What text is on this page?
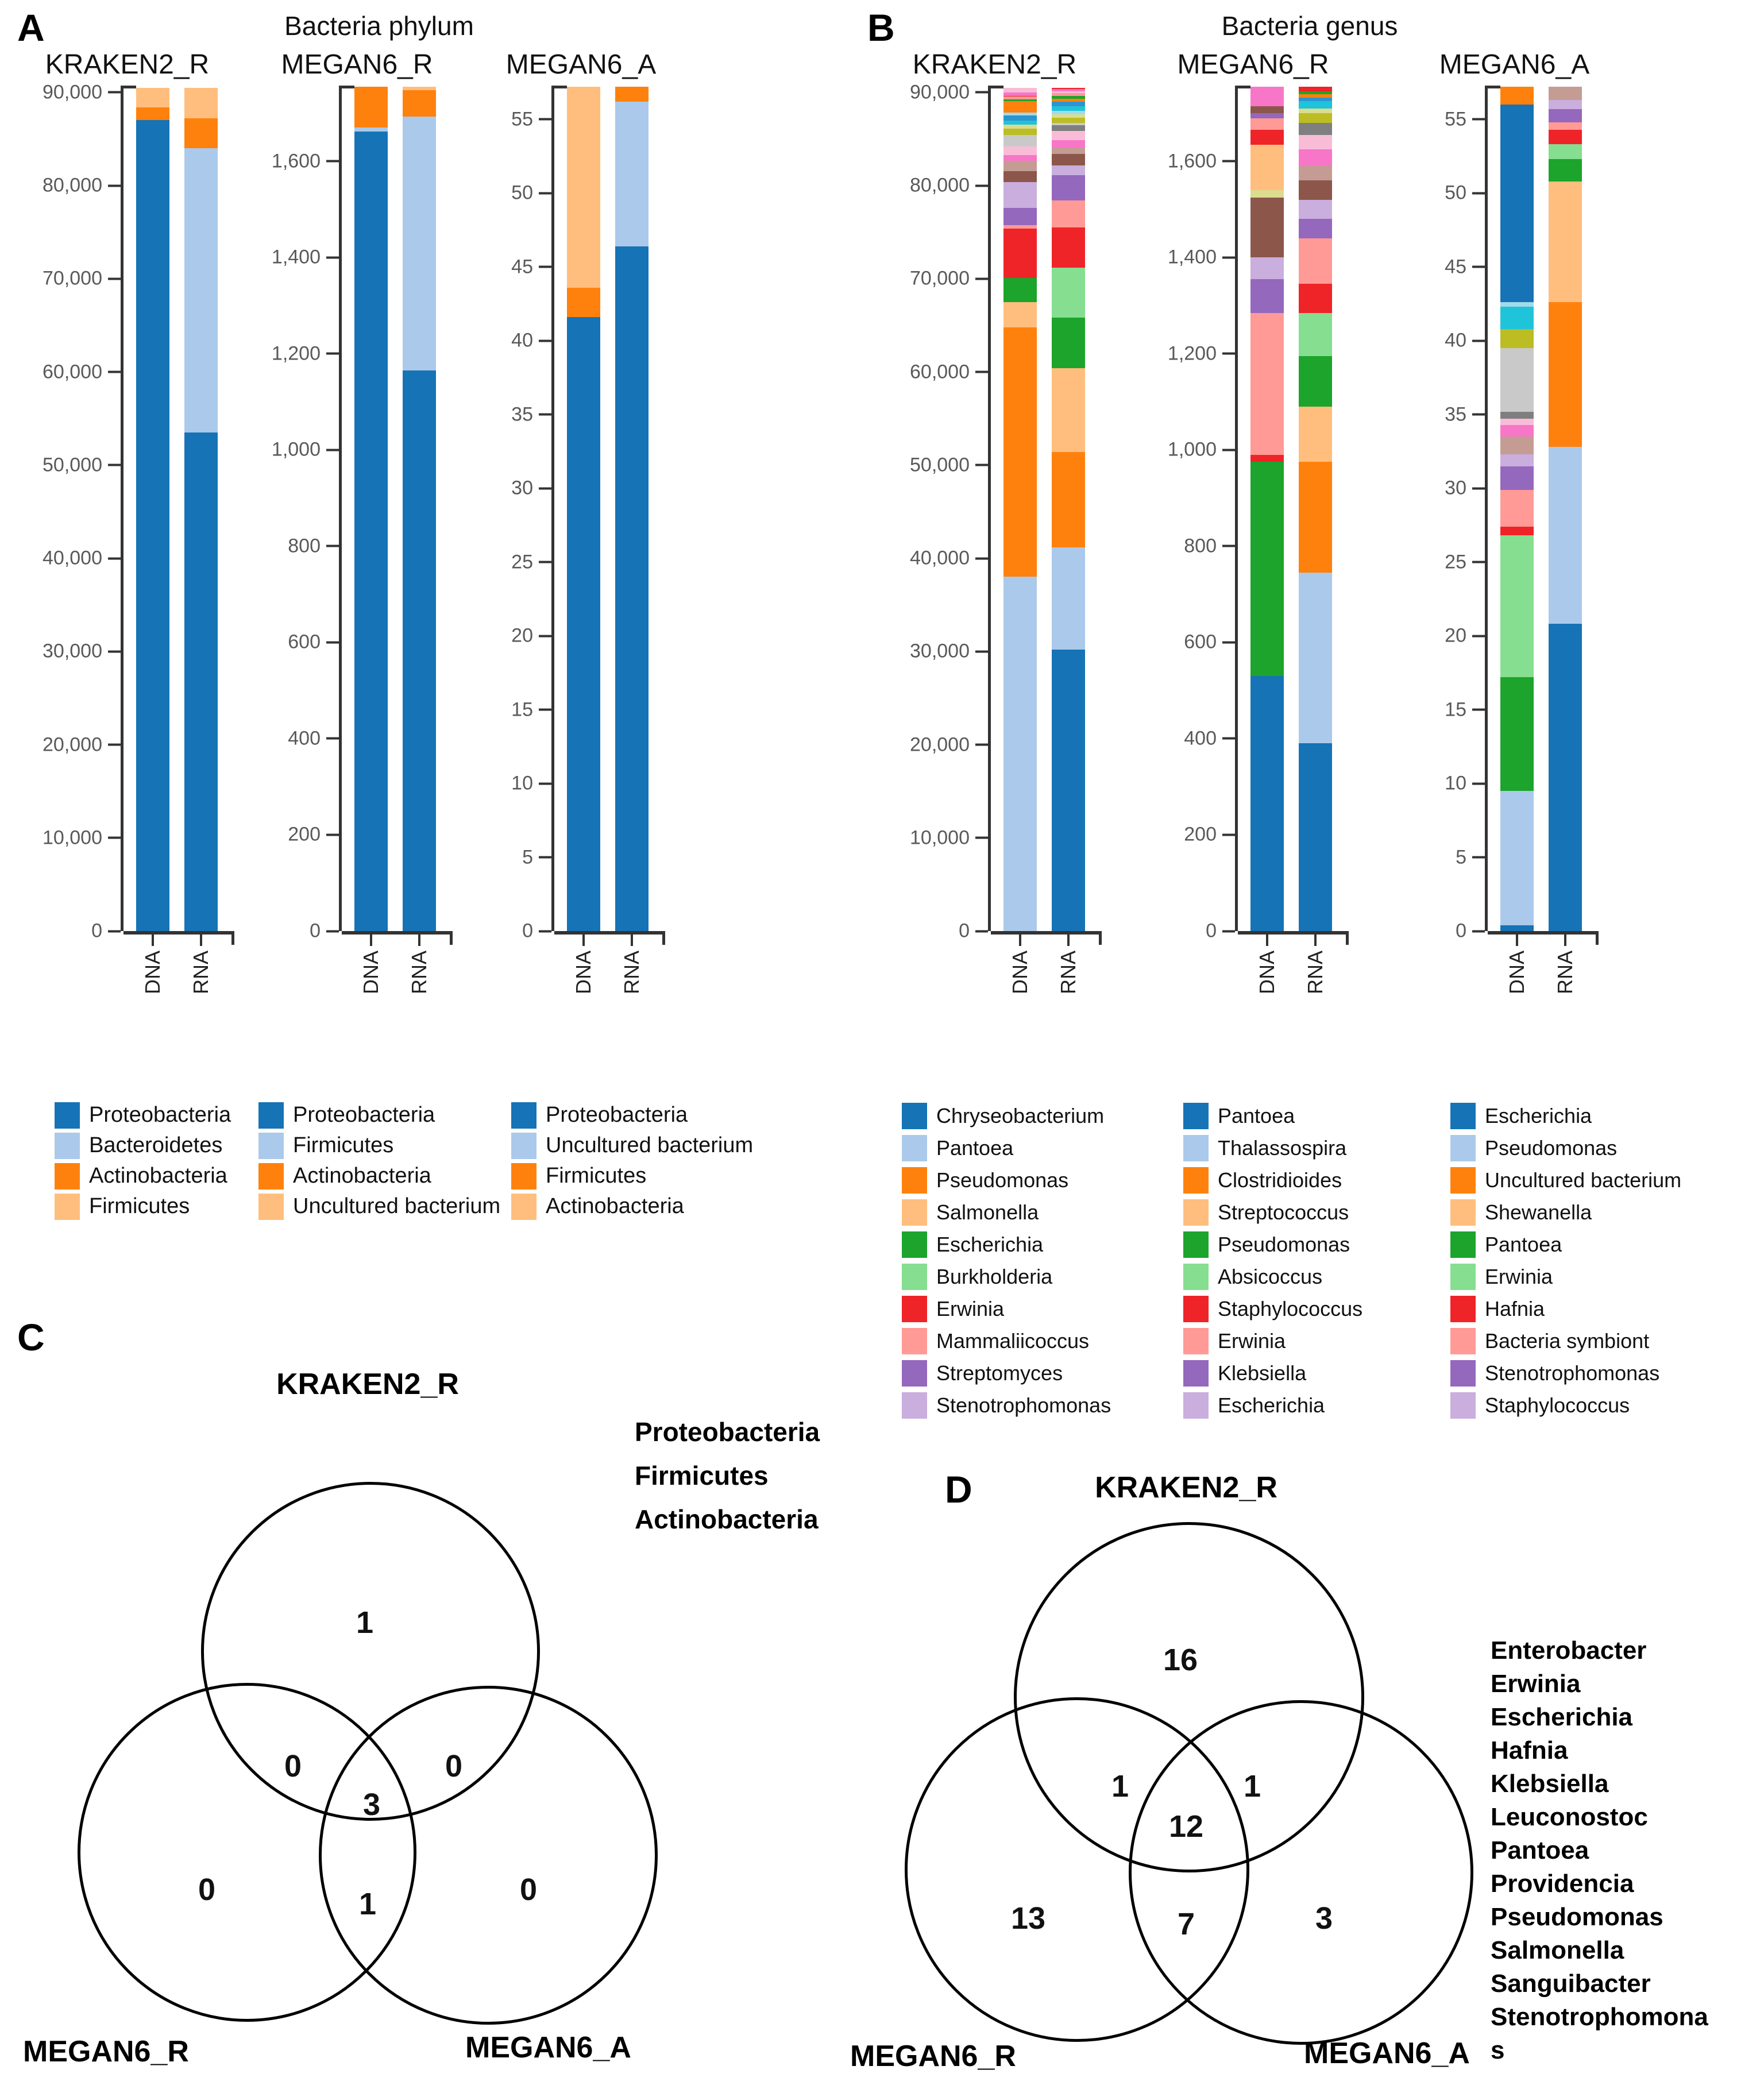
A	Bacteria phylum
KRAKEN2_R
0
10,000
20,000
30,000
40,000
50,000
60,000
70,000
80,000
90,000
DNA RNA
MEGAN6_R
0
200
400
600
800
1,000
1,200
1,400
1,600
DNA RNA
MEGAN6_A
0
5
10
15
20
25
30
35
40
45
50
55
DNA RNA
Proteobacteria
Bacteroidetes
Actinobacteria
Firmicutes
Proteobacteria
Firmicutes
Actinobacteria
Uncultured bacterium
Proteobacteria
Uncultured bacterium
Firmicutes
Actinobacteria
B	Bacteria genus
KRAKEN2_R
0
10,000
20,000
30,000
40,000
50,000
60,000
70,000
80,000
90,000
DNA RNA
MEGAN6_R
0
200
400
600
800
1,000
1,200
1,400
1,600
DNA RNA
MEGAN6_A
0
5
10
15
20
25
30
35
40
45
50
55
DNA RNA
Chryseobacterium
Pantoea
Pseudomonas
Salmonella
Escherichia
Burkholderia
Erwinia
Mammaliicoccus
Streptomyces
Stenotrophomonas
Pantoea
Thalassospira
Clostridioides
Streptococcus
Pseudomonas
Absicoccus
Staphylococcus
Erwinia
Klebsiella
Escherichia
Escherichia
Pseudomonas
Uncultured bacterium
Shewanella
Pantoea
Erwinia
Hafnia
Bacteria symbiont
Stenotrophomonas
Staphylococcus
C
KRAKEN2_R
1
0	0
3
0	1	0
Proteobacteria
Firmicutes
Actinobacteria
MEGAN6_R	MEGAN6_A
D	KRAKEN2_R
16
1	1
12
13	7	3
Enterobacter
Erwinia
Escherichia
Hafnia
Klebsiella
Leuconostoc
Pantoea
Providencia
Pseudomonas
Salmonella
Sanguibacter
Stenotrophomona
s
MEGAN6_R	MEGAN6_A
